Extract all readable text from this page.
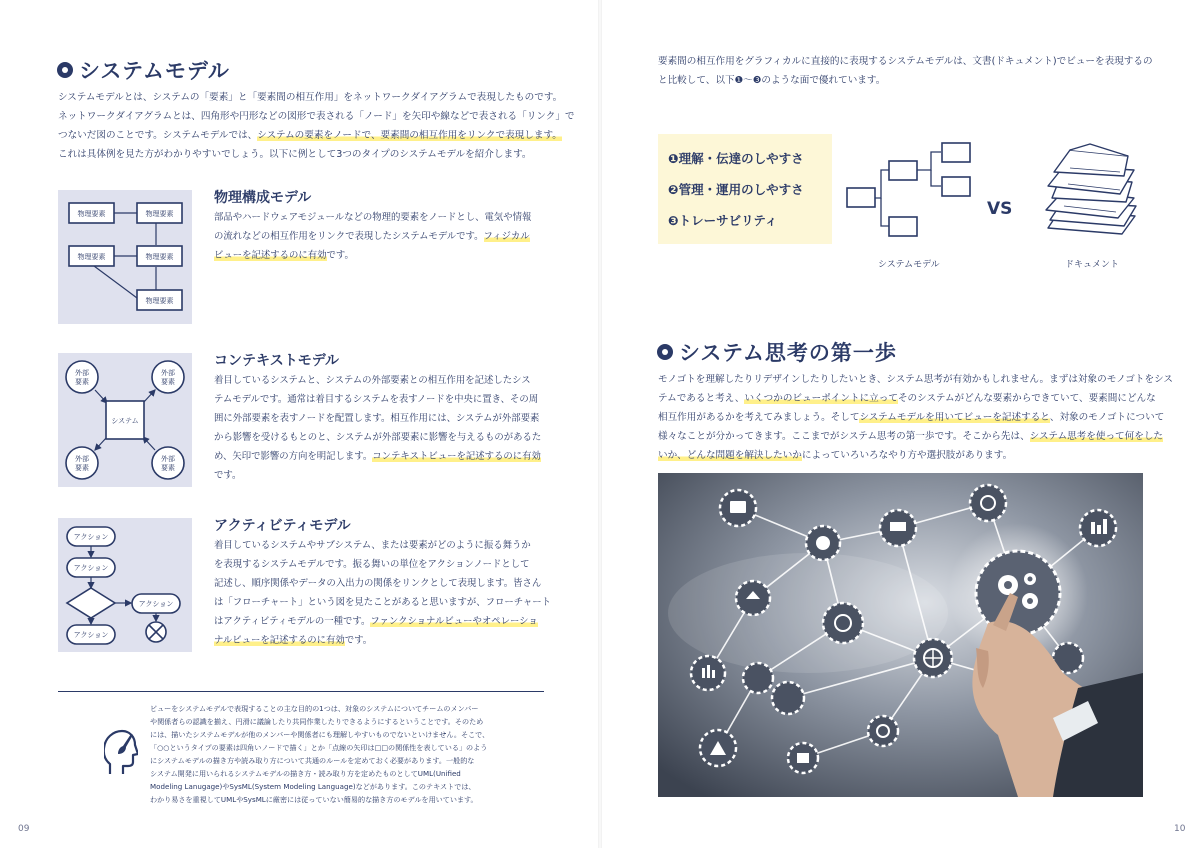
システムモデル
システムモデルとは、システムの「要素」と「要素間の相互作用」をネットワークダイアグラムで表現したものです。
ネットワークダイアグラムとは、四角形や円形などの図形で表される「ノード」を矢印や線などで表される「リンク」で
つないだ図のことです。システムモデルでは、システムの要素をノードで、要素間の相互作用をリンクで表現します。
これは具体例を見た方がわかりやすいでしょう。以下に例として3つのタイプのシステムモデルを紹介します。
物理要素	物理要素
物理要素	物理要素
物理要素
物理構成モデル
部品やハードウェアモジュールなどの物理的要素をノードとし、電気や情報
の流れなどの相互作用をリンクで表現したシステムモデルです。フィジカル
ビューを記述するのに有効です。
システム
外部
要素
外部
要素
外部
要素
外部
要素
コンテキストモデル
着目しているシステムと、システムの外部要素との相互作用を記述したシス
テムモデルです。通常は着目するシステムを表すノードを中央に置き、その周
囲に外部要素を表すノードを配置します。相互作用には、システムが外部要素
から影響を受けるもとのと、システムが外部要素に影響を与えるものがあるた
め、矢印で影響の方向を明記します。コンテキストビューを記述するのに有効
です。
アクション
アクション
アクション
アクション
アクティビティモデル
着目しているシステムやサブシステム、または要素がどのように振る舞うか
を表現するシステムモデルです。振る舞いの単位をアクションノードとして
記述し、順序関係やデータの入出力の関係をリンクとして表現します。皆さん
は「フローチャート」という図を見たことがあると思いますが、フローチャート
はアクティビティモデルの一種です。ファンクショナルビューやオペレーショ
ナルビューを記述するのに有効です。
ビューをシステムモデルで表現することの主な目的の1つは、対象のシステムについてチームのメンバー
や関係者らの認識を揃え、円滑に議論したり共同作業したりできるようにするということです。そのため
には、描いたシステムモデルが他のメンバーや関係者にも理解しやすいものでないといけません。そこで、
「○○というタイプの要素は四角いノードで描く」とか「点線の矢印は□□の関係性を表している」のよう
にシステムモデルの描き方や読み取り方について共通のルールを定めておく必要があります。一般的な
システム開発に用いられるシステムモデルの描き方・読み取り方を定めたものとしてUML(Unified
Modeling Lanugage)やSysML(System Modeling Language)などがあります。このテキストでは、
わかり易さを重視してUMLやSysMLに厳密には従っていない簡易的な描き方のモデルを用いています。
09
要素間の相互作用をグラフィカルに直接的に表現するシステムモデルは、文書(ドキュメント)でビューを表現するの
と比較して、以下❶〜❸のような面で優れています。
❶理解・伝達のしやすさ
❷管理・運用のしやすさ
❸トレーサビリティ
VS
システムモデル	ドキュメント
システム思考の第一歩
モノゴトを理解したりリデザインしたりしたいとき、システム思考が有効かもしれません。まずは対象のモノゴトをシス
テムであると考え、いくつかのビューポイントに立ってそのシステムがどんな要素からできていて、要素間にどんな
相互作用があるかを考えてみましょう。そしてシステムモデルを用いてビューを記述すると、対象のモノゴトについて
様々なことが分かってきます。ここまでがシステム思考の第一歩です。そこから先は、システム思考を使って何をした
いか、どんな問題を解決したいかによっていろいろなやり方や選択肢があります。
10
